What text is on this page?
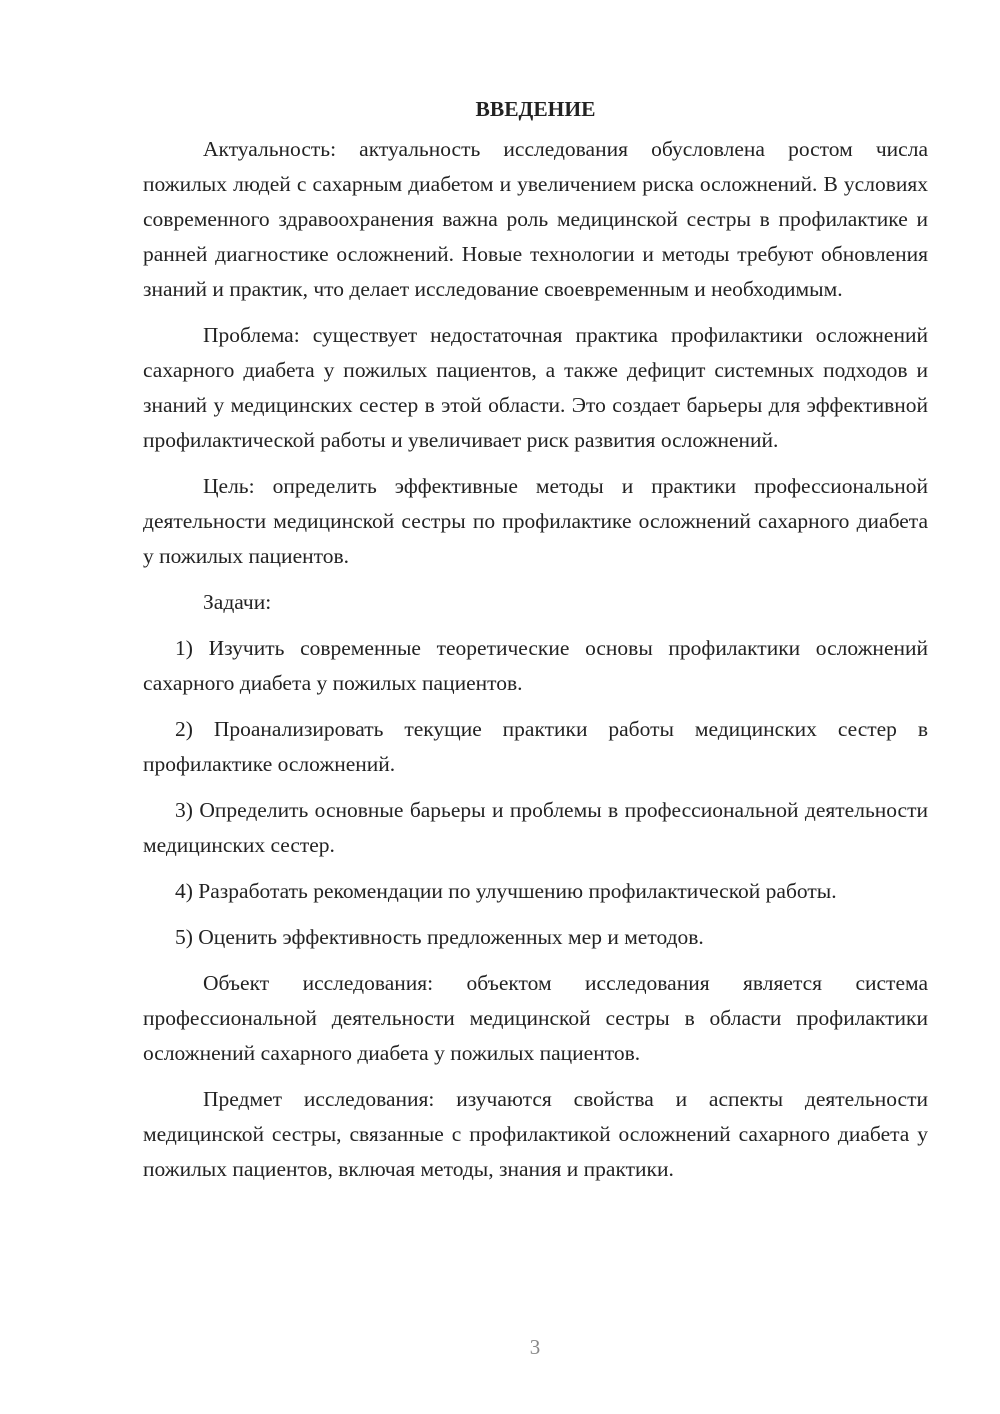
ВВЕДЕНИЕ

Актуальность: актуальность исследования обусловлена ростом числа пожилых людей с сахарным диабетом и увеличением риска осложнений. В условиях современного здравоохранения важна роль медицинской сестры в профилактике и ранней диагностике осложнений. Новые технологии и методы требуют обновления знаний и практик, что делает исследование своевременным и необходимым.

Проблема: существует недостаточная практика профилактики осложнений сахарного диабета у пожилых пациентов, а также дефицит системных подходов и знаний у медицинских сестер в этой области. Это создает барьеры для эффективной профилактической работы и увеличивает риск развития осложнений.

Цель: определить эффективные методы и практики профессиональной деятельности медицинской сестры по профилактике осложнений сахарного диабета у пожилых пациентов.

Задачи:

1) Изучить современные теоретические основы профилактики осложнений сахарного диабета у пожилых пациентов.

2) Проанализировать текущие практики работы медицинских сестер в профилактике осложнений.

3) Определить основные барьеры и проблемы в профессиональной деятельности медицинских сестер.

4) Разработать рекомендации по улучшению профилактической работы.

5) Оценить эффективность предложенных мер и методов.

Объект исследования: объектом исследования является система профессиональной деятельности медицинской сестры в области профилактики осложнений сахарного диабета у пожилых пациентов.

Предмет исследования: изучаются свойства и аспекты деятельности медицинской сестры, связанные с профилактикой осложнений сахарного диабета у пожилых пациентов, включая методы, знания и практики.

3
